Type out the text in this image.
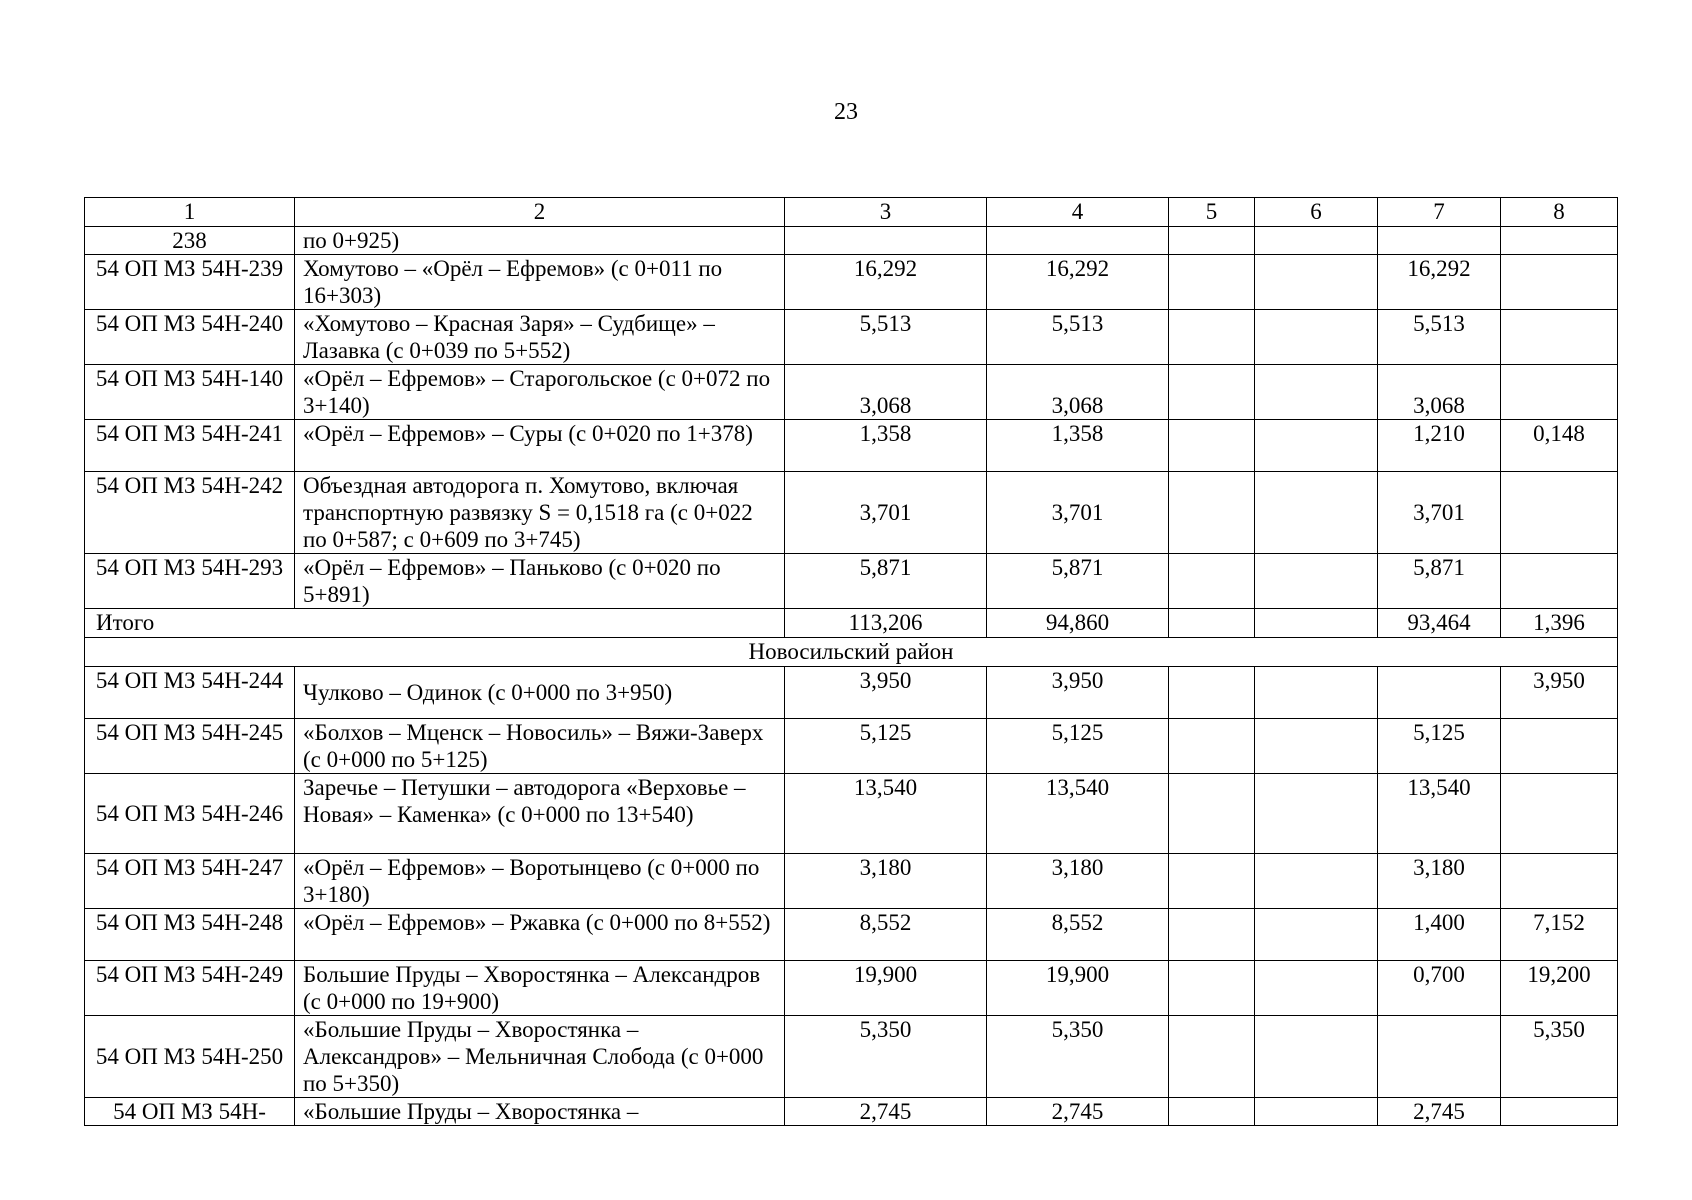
23
1	2	3	4	5	6	7	8
238	по 0+925)						
54 ОП МЗ 54Н-239	Хомутово – «Орёл – Ефремов» (с 0+011 по 16+303)	16,292	16,292			16,292	
54 ОП МЗ 54Н-240	«Хомутово – Красная Заря» – Судбище» – Лазавка (с 0+039 по 5+552)	5,513	5,513			5,513	
54 ОП МЗ 54Н-140	«Орёл – Ефремов» – Старогольское (с 0+072 по 3+140)	3,068	3,068			3,068	
54 ОП МЗ 54Н-241	«Орёл – Ефремов» – Суры (с 0+020 по 1+378)	1,358	1,358			1,210	0,148
54 ОП МЗ 54Н-242	Объездная автодорога п. Хомутово, включая транспортную развязку S = 0,1518 га (с 0+022 по 0+587; с 0+609 по 3+745)	3,701	3,701			3,701	
54 ОП МЗ 54Н-293	«Орёл – Ефремов» – Паньково (с 0+020 по 5+891)	5,871	5,871			5,871	
Итого		113,206	94,860			93,464	1,396
Новосильский район							
54 ОП МЗ 54Н-244	Чулково – Одинок (с 0+000 по 3+950)	3,950	3,950				3,950
54 ОП МЗ 54Н-245	«Болхов – Мценск – Новосиль» – Вяжи-Заверх (с 0+000 по 5+125)	5,125	5,125			5,125	
54 ОП МЗ 54Н-246	Заречье – Петушки – автодорога «Верховье – Новая» – Каменка» (с 0+000 по 13+540)	13,540	13,540			13,540	
54 ОП МЗ 54Н-247	«Орёл – Ефремов» – Воротынцево (с 0+000 по 3+180)	3,180	3,180			3,180	
54 ОП МЗ 54Н-248	«Орёл – Ефремов» – Ржавка (с 0+000 по 8+552)	8,552	8,552			1,400	7,152
54 ОП МЗ 54Н-249	Большие Пруды – Хворостянка – Александров (с 0+000 по 19+900)	19,900	19,900			0,700	19,200
54 ОП МЗ 54Н-250	«Большие Пруды – Хворостянка – Александров» – Мельничная Слобода (с 0+000 по 5+350)	5,350	5,350				5,350
54 ОП МЗ 54Н-	«Большие Пруды – Хворостянка –	2,745	2,745			2,745	
